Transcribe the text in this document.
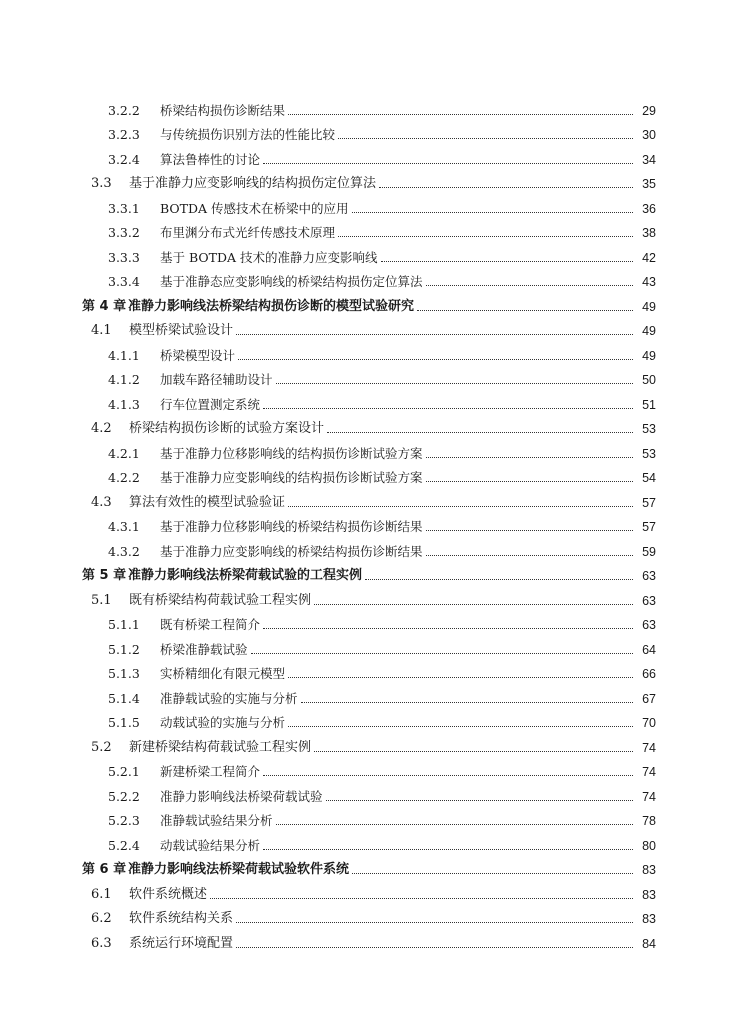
3.2.2	桥梁结构损伤诊断结果	29
3.2.3	与传统损伤识别方法的性能比较	30
3.2.4	算法鲁棒性的讨论	34
3.3	基于准静力应变影响线的结构损伤定位算法	35
3.3.1	BOTDA 传感技术在桥梁中的应用	36
3.3.2	布里渊分布式光纤传感技术原理	38
3.3.3	基于 BOTDA 技术的准静力应变影响线	42
3.3.4	基于准静态应变影响线的桥梁结构损伤定位算法	43
第 4 章 准静力影响线法桥梁结构损伤诊断的模型试验研究	49
4.1	模型桥梁试验设计	49
4.1.1	桥梁模型设计	49
4.1.2	加载车路径辅助设计	50
4.1.3	行车位置测定系统	51
4.2	桥梁结构损伤诊断的试验方案设计	53
4.2.1	基于准静力位移影响线的结构损伤诊断试验方案	53
4.2.2	基于准静力应变影响线的结构损伤诊断试验方案	54
4.3	算法有效性的模型试验验证	57
4.3.1	基于准静力位移影响线的桥梁结构损伤诊断结果	57
4.3.2	基于准静力应变影响线的桥梁结构损伤诊断结果	59
第 5 章 准静力影响线法桥梁荷载试验的工程实例	63
5.1	既有桥梁结构荷载试验工程实例	63
5.1.1	既有桥梁工程简介	63
5.1.2	桥梁准静载试验	64
5.1.3	实桥精细化有限元模型	66
5.1.4	准静载试验的实施与分析	67
5.1.5	动载试验的实施与分析	70
5.2	新建桥梁结构荷载试验工程实例	74
5.2.1	新建桥梁工程简介	74
5.2.2	准静力影响线法桥梁荷载试验	74
5.2.3	准静载试验结果分析	78
5.2.4	动载试验结果分析	80
第 6 章 准静力影响线法桥梁荷载试验软件系统	83
6.1	软件系统概述	83
6.2	软件系统结构关系	83
6.3	系统运行环境配置	84
